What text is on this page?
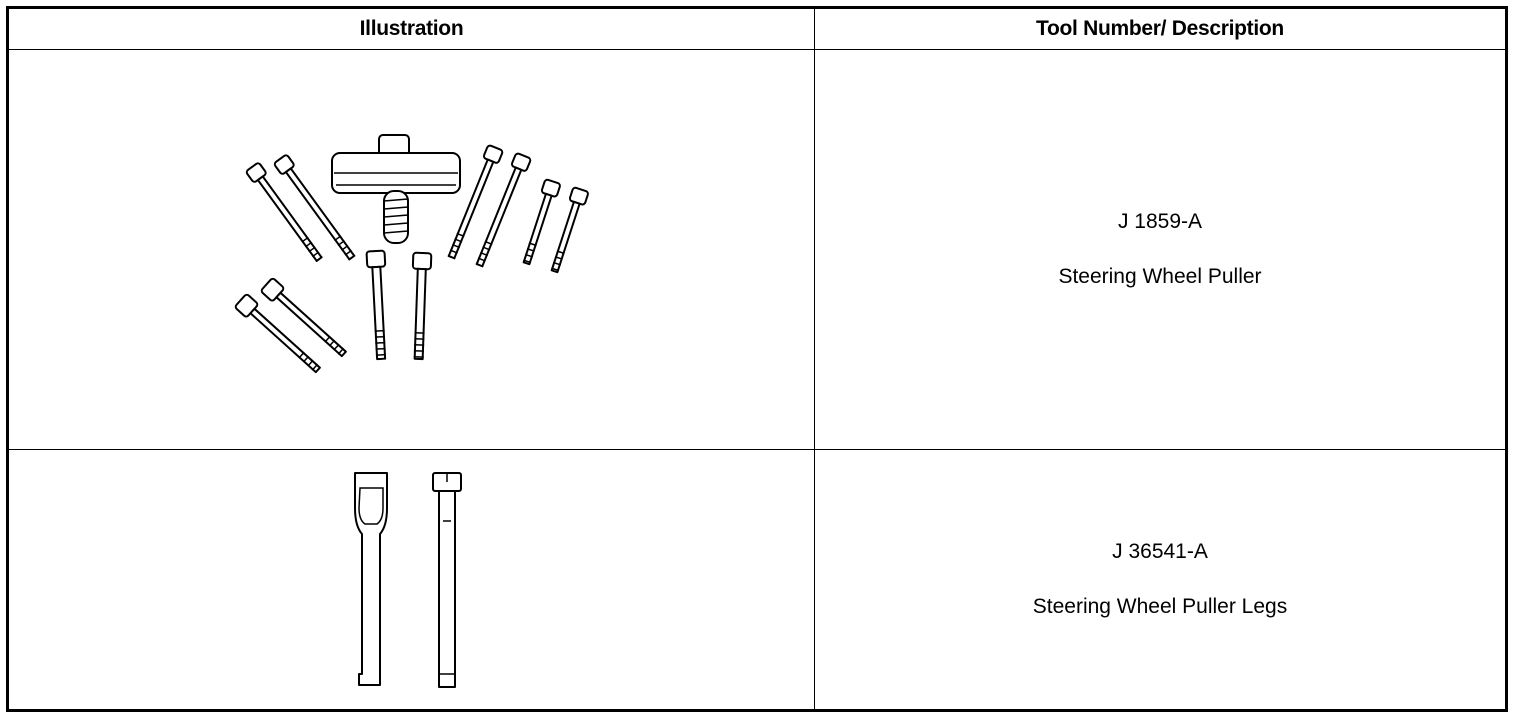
Illustration	Tool Number/ Description

J 1859-A
Steering Wheel Puller

J 36541-A
Steering Wheel Puller Legs
